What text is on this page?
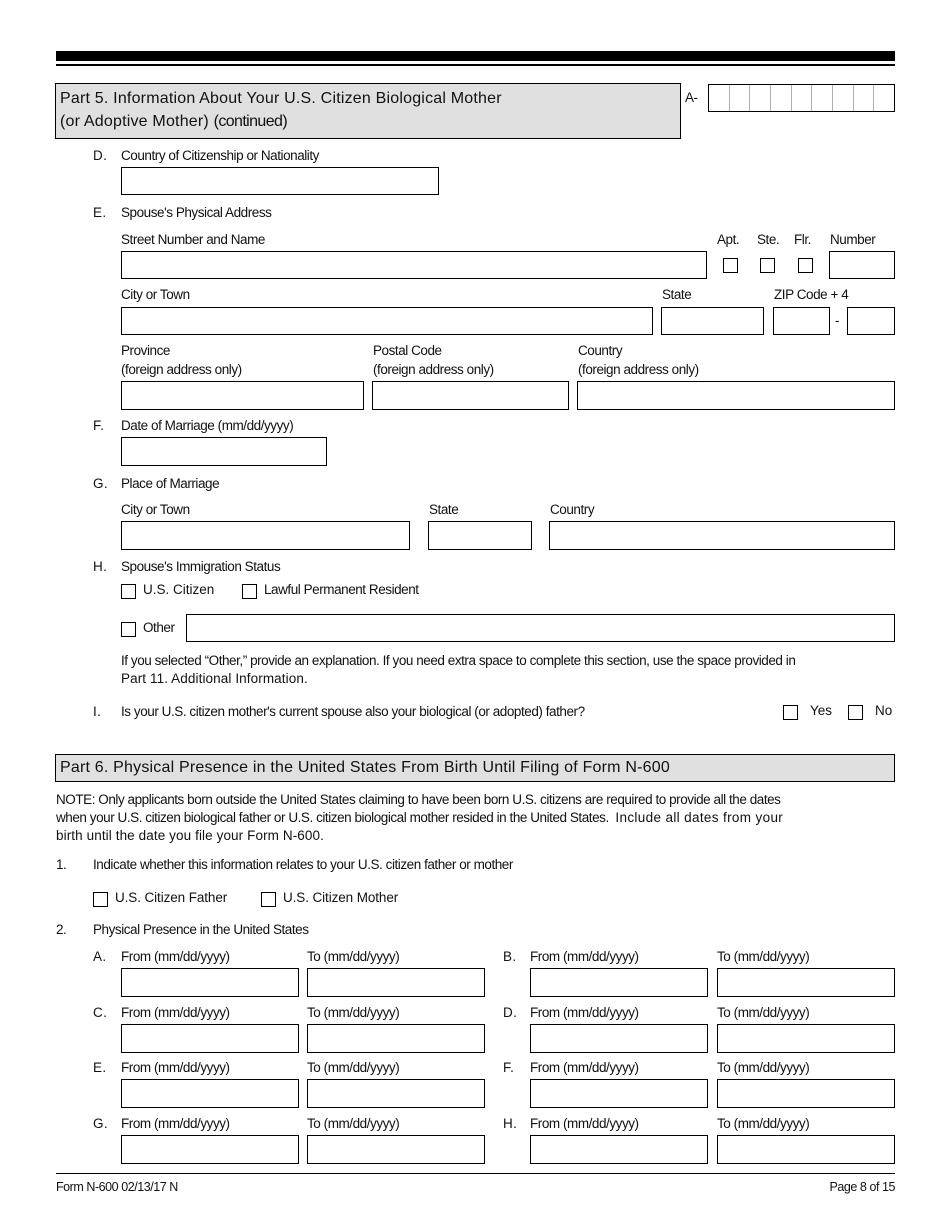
Part 5. Information About Your U.S. Citizen Biological Mother
(or Adoptive Mother) (continued)
A-
D. Country of Citizenship or Nationality
E. Spouse's Physical Address
Street Number and Name	Apt. Ste. Flr. Number
City or Town	State	ZIP Code + 4
-
Province
(foreign address only)
Postal Code
(foreign address only)
Country
(foreign address only)
F. Date of Marriage (mm/dd/yyyy)
G. Place of Marriage
City or Town	State	Country
H. Spouse's Immigration Status
U.S. Citizen	Lawful Permanent Resident
Other
If you selected “Other,” provide an explanation. If you need extra space to complete this section, use the space provided in
Part 11. Additional Information.
I. Is your U.S. citizen mother's current spouse also your biological (or adopted) father?	Yes	No
Part 6. Physical Presence in the United States From Birth Until Filing of Form N-600
NOTE: Only applicants born outside the United States claiming to have been born U.S. citizens are required to provide all the dates
when your U.S. citizen biological father or U.S. citizen biological mother resided in the United States. Include all dates from your
birth until the date you file your Form N-600.
1. Indicate whether this information relates to your U.S. citizen father or mother
U.S. Citizen Father	U.S. Citizen Mother
2. Physical Presence in the United States
A. From (mm/dd/yyyy)	To (mm/dd/yyyy)	B. From (mm/dd/yyyy)	To (mm/dd/yyyy)
C. From (mm/dd/yyyy)	To (mm/dd/yyyy)	D. From (mm/dd/yyyy)	To (mm/dd/yyyy)
E. From (mm/dd/yyyy)	To (mm/dd/yyyy)	F. From (mm/dd/yyyy)	To (mm/dd/yyyy)
G. From (mm/dd/yyyy)	To (mm/dd/yyyy)	H. From (mm/dd/yyyy)	To (mm/dd/yyyy)
Form N-600 02/13/17 N	Page 8 of 15
